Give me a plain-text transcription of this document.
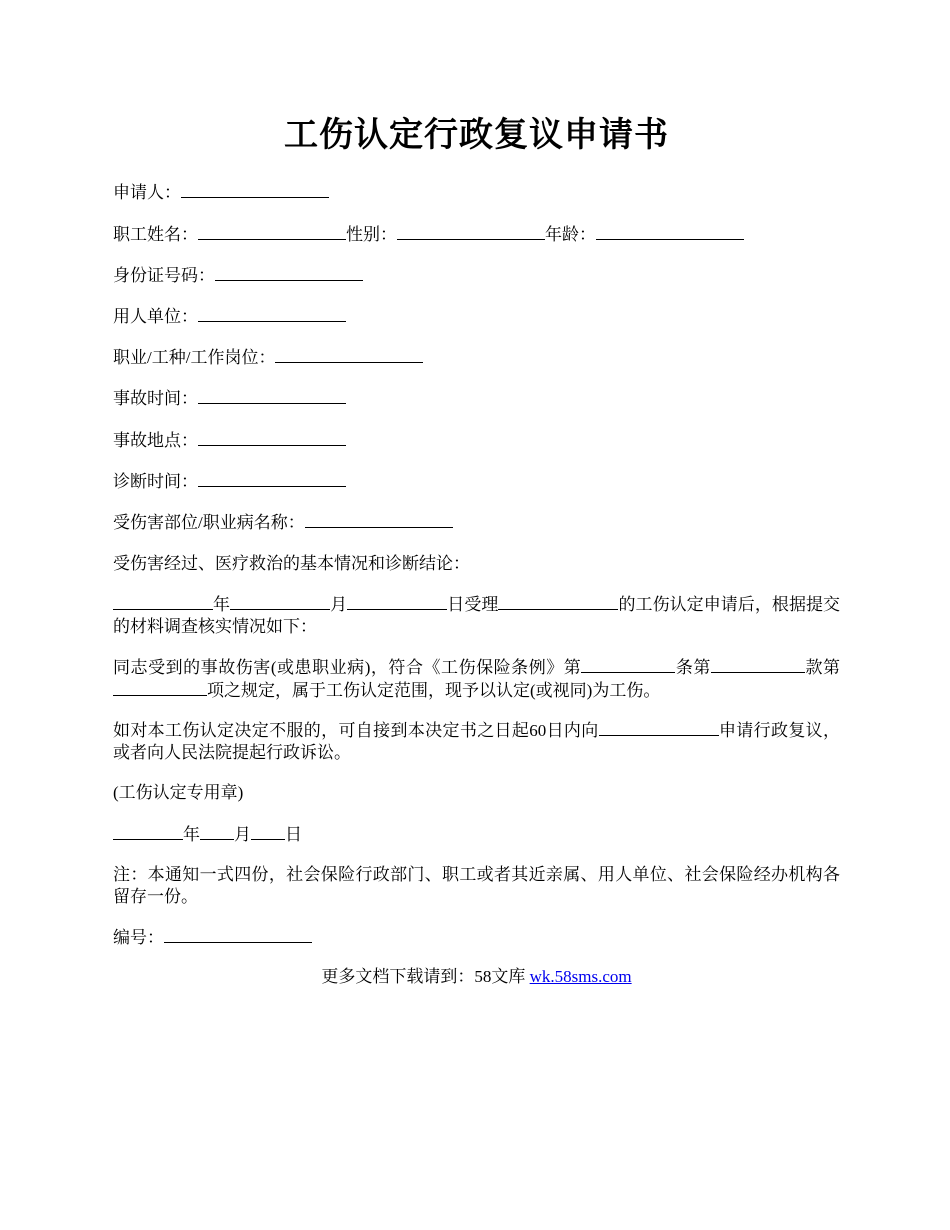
工伤认定行政复议申请书
申请人：
职工姓名：	性别：	年龄：
身份证号码：
用人单位：
职业/工种/工作岗位：
事故时间：
事故地点：
诊断时间：
受伤害部位/职业病名称：
受伤害经过、医疗救治的基本情况和诊断结论：
年	月	日受理	的工伤认定申请后，根据提交的材料调查核实情况如下：
同志受到的事故伤害(或患职业病)，符合《工伤保险条例》第	条第	款第项之规定，属于工伤认定范围，现予以认定(或视同)为工伤。
如对本工伤认定决定不服的，可自接到本决定书之日起60日内向	申请行政复议，或者向人民法院提起行政诉讼。
(工伤认定专用章)
年 月 日
注：本通知一式四份，社会保险行政部门、职工或者其近亲属、用人单位、社会保险经办机构各留存一份。
编号：
更多文档下载请到：58文库 wk.58sms.com
